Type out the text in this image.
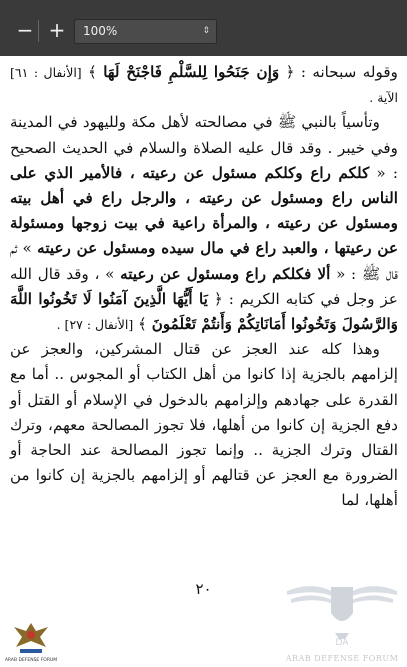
− +	100%	⇕

وقوله سبحانه : ﴿ وَإِن جَنَحُوا لِلسَّلْمِ فَاجْنَحْ لَهَا ﴾ [الأنفال : ٦١] الآية .

وتأسياً بالنبي ﷺ في مصالحته لأهل مكة ولليهود في المدينة وفي خيبر . وقد قال عليه الصلاة والسلام في الحديث الصحيح : « كلكم راع وكلكم مسئول عن رعيته ، فالأمير الذي على الناس راع ومسئول عن رعيته ، والرجل راع في أهل بيته ومسئول عن رعيته ، والمرأة راعية في بيت زوجها ومسئولة عن رعيتها ، والعبد راع في مال سيده ومسئول عن رعيته » ثم قال ﷺ : « ألا فكلكم راع ومسئول عن رعيته » ، وقد قال الله عز وجل في كتابه الكريم : ﴿ يَا أَيُّهَا الَّذِينَ آمَنُوا لَا تَخُونُوا اللَّهَ وَالرَّسُولَ وَتَخُونُوا أَمَانَاتِكُمْ وَأَنتُمْ تَعْلَمُونَ ﴾ [الأنفال : ٢٧] .

وهذا كله عند العجز عن قتال المشركين، والعجز عن إلزامهم بالجزية إذا كانوا من أهل الكتاب أو المجوس .. أما مع القدرة على جهادهم وإلزامهم بالدخول في الإسلام أو القتل أو دفع الجزية إن كانوا من أهلها، فلا تجوز المصالحة معهم، وترك القتال وترك الجزية .. وإنما تجوز المصالحة عند الحاجة أو الضرورة مع العجز عن قتالهم أو إلزامهم بالجزية إن كانوا من أهلها، لما

٢٠
ARAB DEFENSE FORUM
DA
ARAB DEFENSE FORUM
